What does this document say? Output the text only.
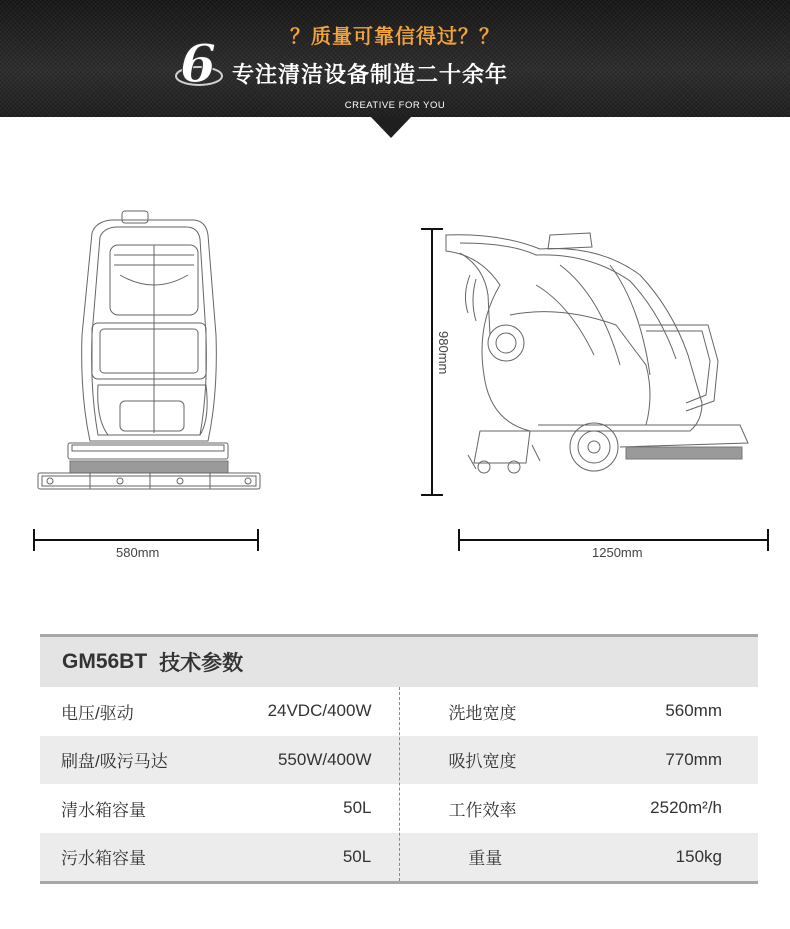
？质量可靠信得过？？
6 专注清洁设备制造二十余年
CREATIVE FOR YOU
580mm
980mm
1250mm
GM56BT 技术参数
电压/驱动	24VDC/400W	洗地宽度	560mm
刷盘/吸污马达	550W/400W	吸扒宽度	770mm
清水箱容量	50L	工作效率	2520m²/h
污水箱容量	50L	重量	150kg
